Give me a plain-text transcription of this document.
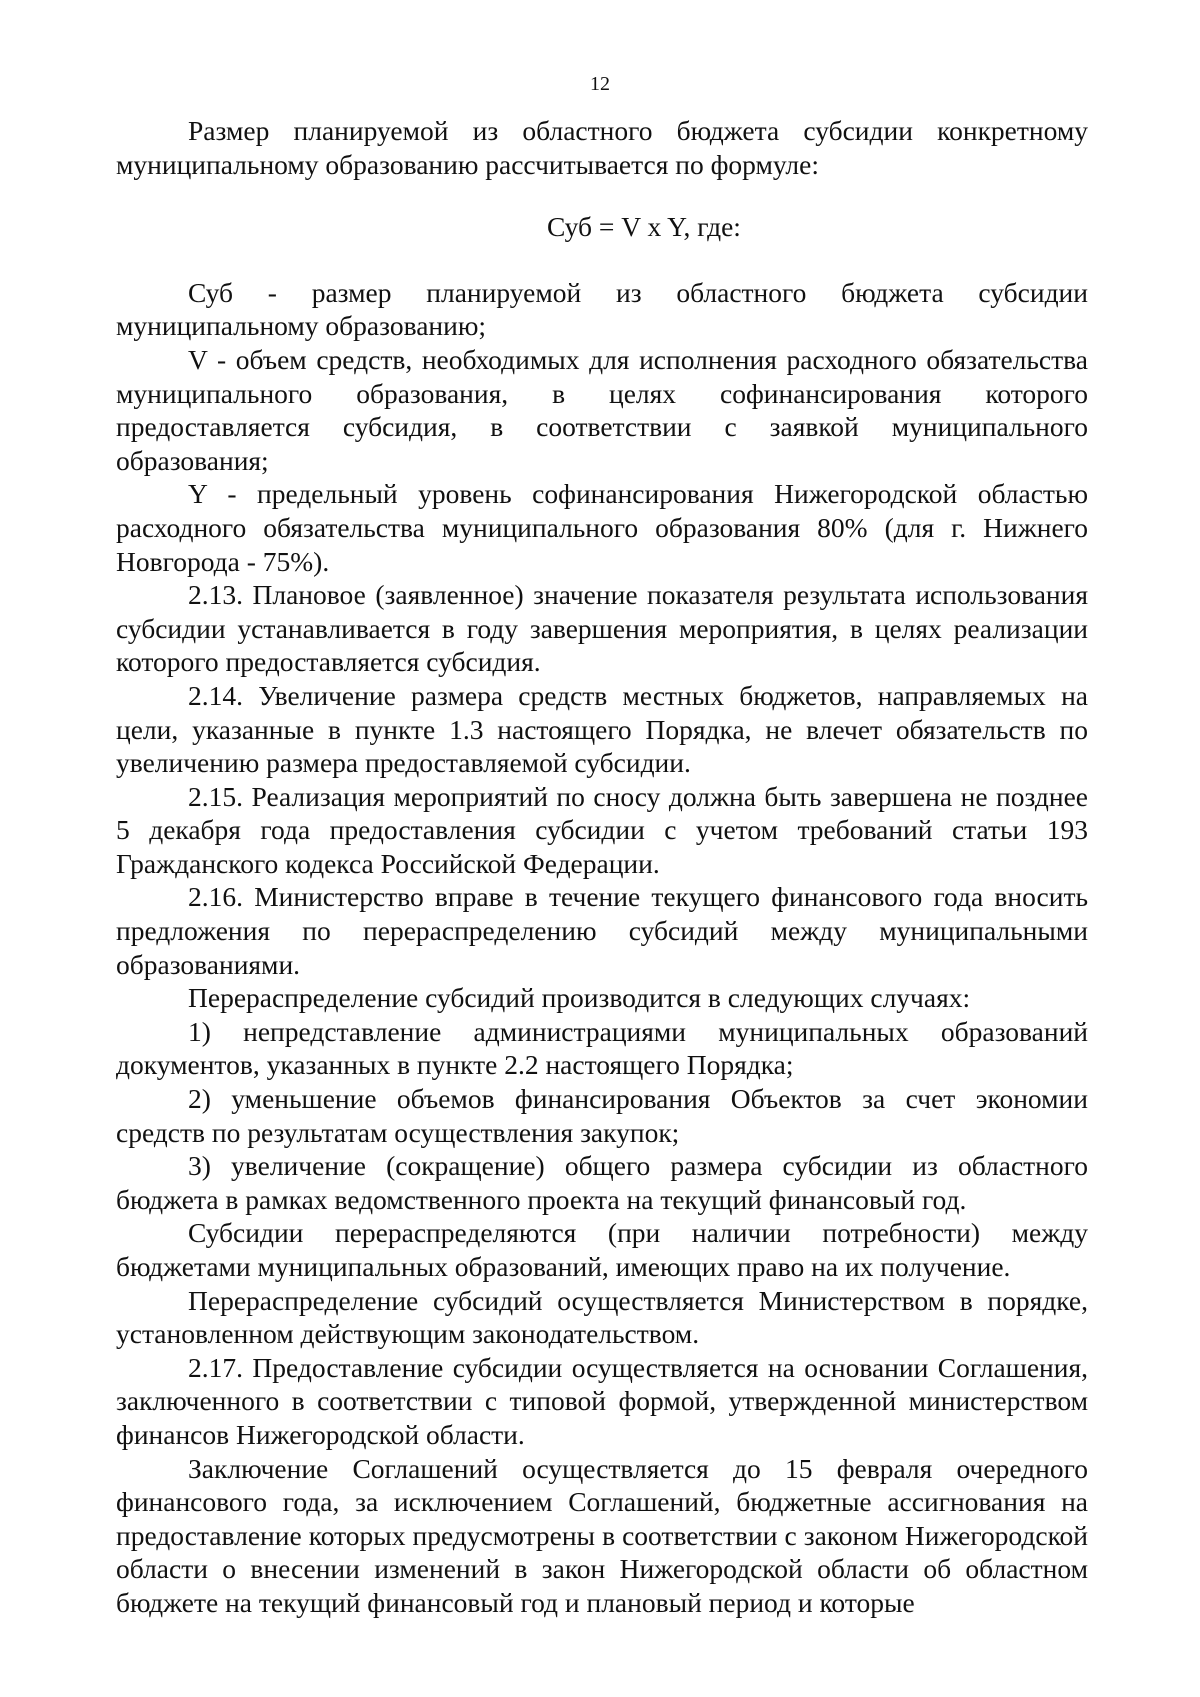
12

Размер планируемой из областного бюджета субсидии конкретному муниципальному образованию рассчитывается по формуле:

Суб = V x Y, где:

Суб - размер планируемой из областного бюджета субсидии муниципальному образованию;

V - объем средств, необходимых для исполнения расходного обязательства муниципального образования, в целях софинансирования которого предоставляется субсидия, в соответствии с заявкой муниципального образования;

Y - предельный уровень софинансирования Нижегородской областью расходного обязательства муниципального образования 80% (для г. Нижнего Новгорода - 75%).

2.13. Плановое (заявленное) значение показателя результата использования субсидии устанавливается в году завершения мероприятия, в целях реализации которого предоставляется субсидия.

2.14. Увеличение размера средств местных бюджетов, направляемых на цели, указанные в пункте 1.3 настоящего Порядка, не влечет обязательств по увеличению размера предоставляемой субсидии.

2.15. Реализация мероприятий по сносу должна быть завершена не позднее 5 декабря года предоставления субсидии с учетом требований статьи 193 Гражданского кодекса Российской Федерации.

2.16. Министерство вправе в течение текущего финансового года вносить предложения по перераспределению субсидий между муниципальными образованиями.

Перераспределение субсидий производится в следующих случаях:

1) непредставление администрациями муниципальных образований документов, указанных в пункте 2.2 настоящего Порядка;

2) уменьшение объемов финансирования Объектов за счет экономии средств по результатам осуществления закупок;

3) увеличение (сокращение) общего размера субсидии из областного бюджета в рамках ведомственного проекта на текущий финансовый год.

Субсидии перераспределяются (при наличии потребности) между бюджетами муниципальных образований, имеющих право на их получение.

Перераспределение субсидий осуществляется Министерством в порядке, установленном действующим законодательством.

2.17. Предоставление субсидии осуществляется на основании Соглашения, заключенного в соответствии с типовой формой, утвержденной министерством финансов Нижегородской области.

Заключение Соглашений осуществляется до 15 февраля очередного финансового года, за исключением Соглашений, бюджетные ассигнования на предоставление которых предусмотрены в соответствии с законом Нижегородской области о внесении изменений в закон Нижегородской области об областном бюджете на текущий финансовый год и плановый период и которые
